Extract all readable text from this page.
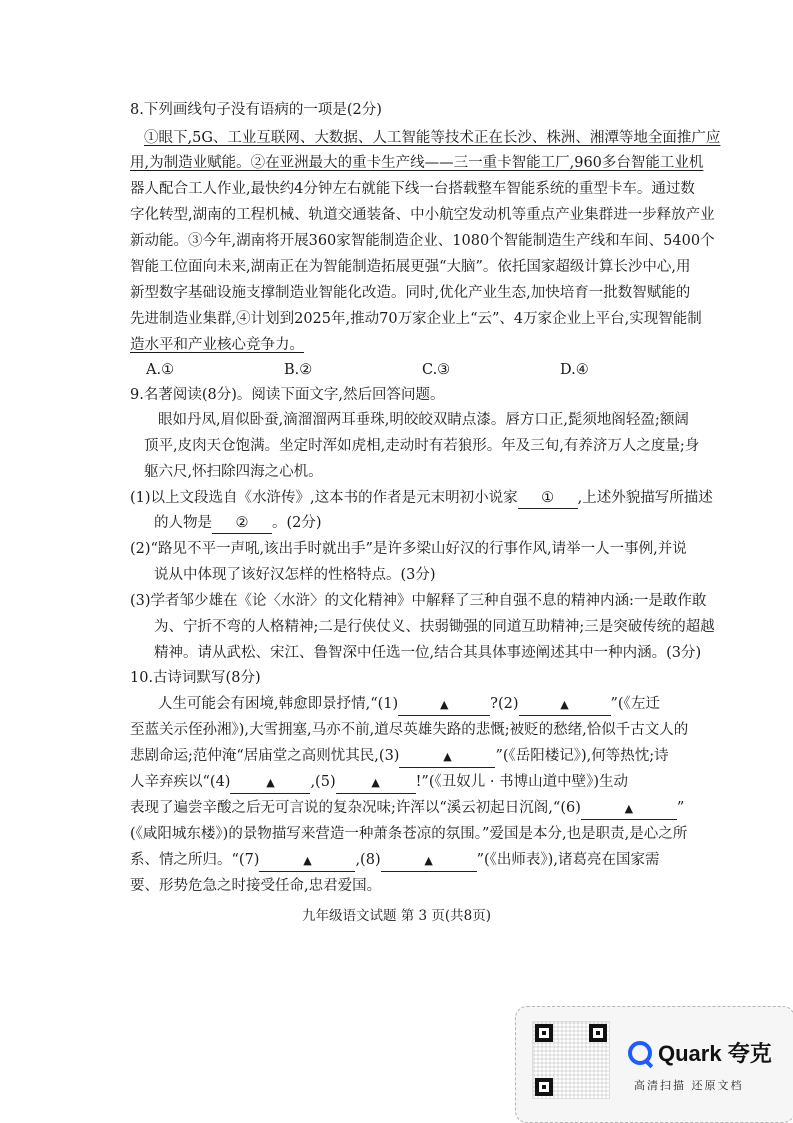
8.下列画线句子没有语病的一项是(2分)
①眼下,5G、工业互联网、大数据、人工智能等技术正在长沙、株洲、湘潭等地全面推广应
用,为制造业赋能。②在亚洲最大的重卡生产线——三一重卡智能工厂,960多台智能工业机
器人配合工人作业,最快约4分钟左右就能下线一台搭载整车智能系统的重型卡车。通过数
字化转型,湖南的工程机械、轨道交通装备、中小航空发动机等重点产业集群进一步释放产业
新动能。③今年,湖南将开展360家智能制造企业、1080个智能制造生产线和车间、5400个
智能工位面向未来,湖南正在为智能制造拓展更强“大脑”。依托国家超级计算长沙中心,用
新型数字基础设施支撑制造业智能化改造。同时,优化产业生态,加快培育一批数智赋能的
先进制造业集群,④计划到2025年,推动70万家企业上“云”、4万家企业上平台,实现智能制
造水平和产业核心竞争力。
A.①	B.②	C.③	D.④
9.名著阅读(8分)。阅读下面文字,然后回答问题。
眼如丹凤,眉似卧蚕,滴溜溜两耳垂珠,明皎皎双睛点漆。唇方口正,髭须地阁轻盈;额阔
顶平,皮肉天仓饱满。坐定时浑如虎相,走动时有若狼形。年及三旬,有养济万人之度量;身
躯六尺,怀扫除四海之心机。
(1)以上文段选自《水浒传》,这本书的作者是元末明初小说家 ① ,上述外貌描写所描述
的人物是 ② 。(2分)
(2)“路见不平一声吼,该出手时就出手”是许多梁山好汉的行事作风,请举一人一事例,并说
说从中体现了该好汉怎样的性格特点。(3分)
(3)学者邹少雄在《论〈水浒〉的文化精神》中解释了三种自强不息的精神内涵:一是敢作敢
为、宁折不弯的人格精神;二是行侠仗义、扶弱锄强的同道互助精神;三是突破传统的超越
精神。请从武松、宋江、鲁智深中任选一位,结合其具体事迹阐述其中一种内涵。(3分)
10.古诗词默写(8分)
人生可能会有困境,韩愈即景抒情,“(1)	▲	?(2)	▲	”(《左迁
至蓝关示侄孙湘》),大雪拥塞,马亦不前,道尽英雄失路的悲慨;被贬的愁绪,恰似千古文人的
悲剧命运;范仲淹“居庙堂之高则忧其民,(3)	▲	”(《岳阳楼记》),何等热忱;诗
人辛弃疾以“(4)	▲ ,(5)	▲ !”(《丑奴儿 · 书博山道中壁》)生动
表现了遍尝辛酸之后无可言说的复杂况味;许浑以“溪云初起日沉阁,“(6)	▲	”
(《咸阳城东楼》)的景物描写来营造一种萧条苍凉的氛围。”爱国是本分,也是职责,是心之所
系、情之所归。“(7)	▲	,(8)	▲	”(《出师表》),诸葛亮在国家需
要、形势危急之时接受任命,忠君爱国。
九年级语文试题 第 3 页(共8页)
Quark 夸克
高清扫描 还原文档
